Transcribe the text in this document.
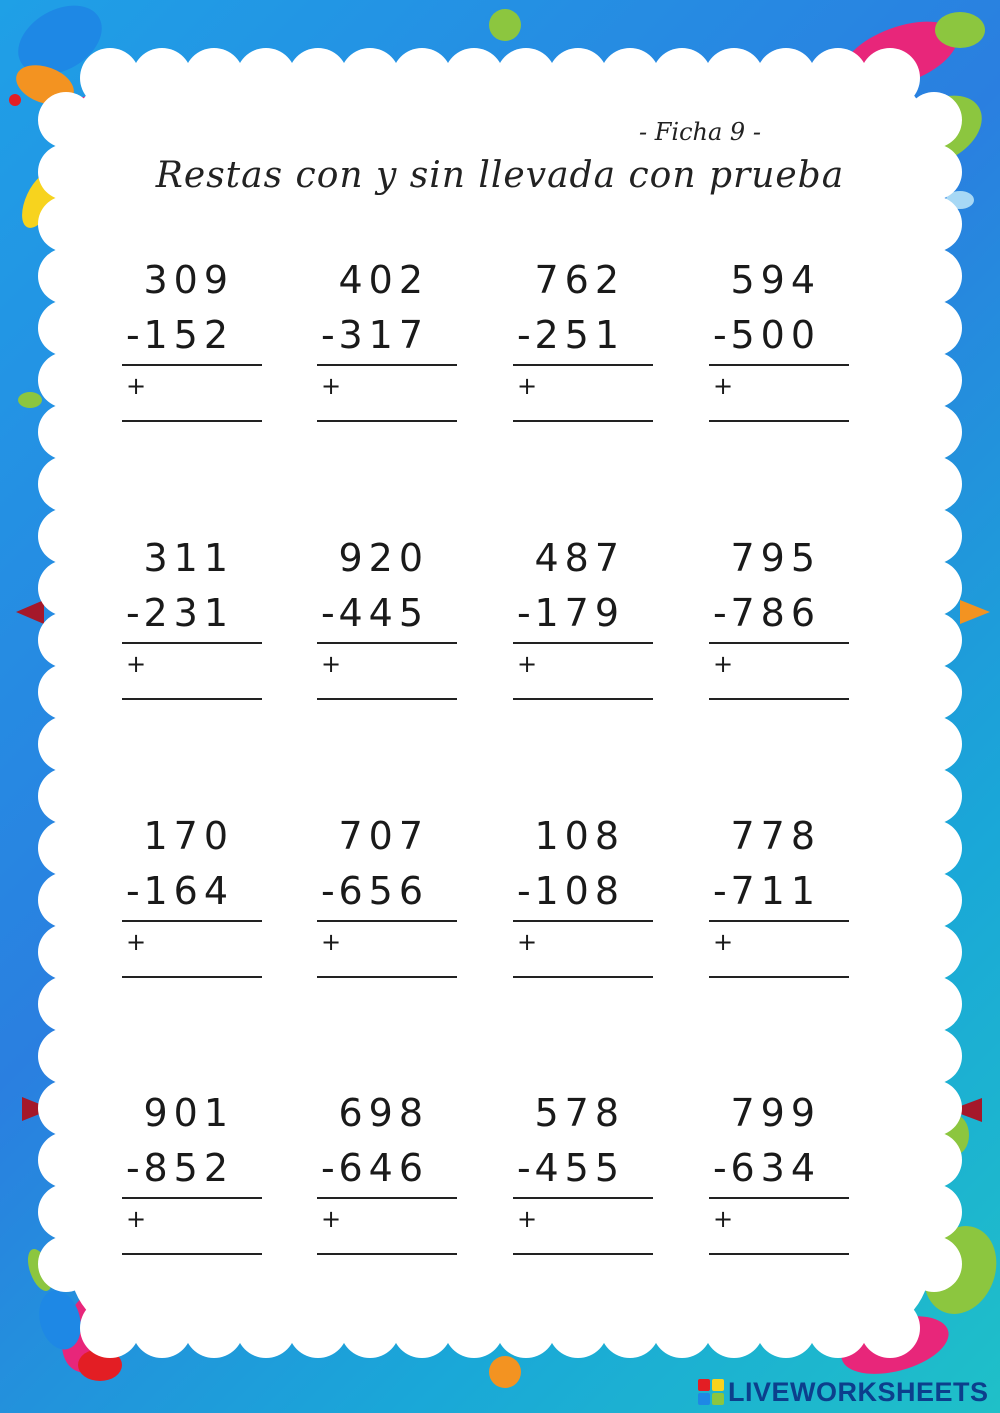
- Ficha 9 -
Restas con y sin llevada con prueba
309
- 152
+
402
- 317
+
762
- 251
+
594
- 500
+
311
- 231
+
920
- 445
+
487
- 179
+
795
- 786
+
170
- 164
+
707
- 656
+
108
- 108
+
778
- 711
+
901
- 852
+
698
- 646
+
578
- 455
+
799
- 634
+
LIVEWORKSHEETS
